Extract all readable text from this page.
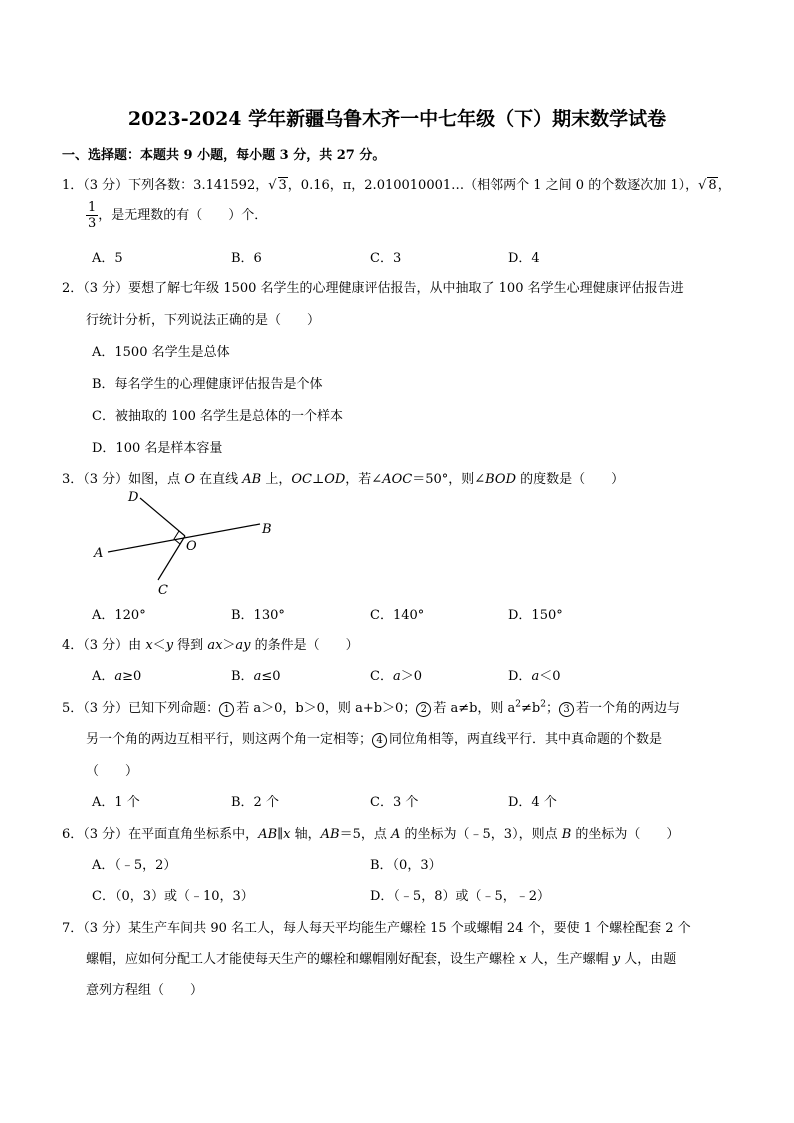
2023-2024 学年新疆乌鲁木齐一中七年级（下）期末数学试卷
一、选择题：本题共 9 小题，每小题 3 分，共 27 分。
1．（3 分）下列各数：3.141592，√ 3，0.16，π，2.010010001…（相邻两个 1 之间 0 的个数逐次加 1），√ 8，
$\frac{1}{3}$ ，是无理数的有（　　）个．
A．5	B．6	C．3	D．4
2．（3 分）要想了解七年级 1500 名学生的心理健康评估报告，从中抽取了 100 名学生心理健康评估报告进
行统计分析，下列说法正确的是（　　）
A．1500 名学生是总体
B．每名学生的心理健康评估报告是个体
C．被抽取的 100 名学生是总体的一个样本
D．100 名是样本容量
3．（3 分）如图，点 O 在直线 AB 上，OC⊥OD，若∠AOC＝50°，则∠BOD 的度数是（　　）
A
B
C
D
O
A．120°	B．130°	C．140°	D．150°
4．（3 分）由 x＜y 得到 ax＞ay 的条件是（　　）
A．a≥0	B．a≤0	C．a＞0	D．a＜0
5．（3 分）已知下列命题： 1 若 a＞0，b＞0，则 a+b＞0； 2 若 a≠b，则 $a^2\ne b^2$； 3 若一个角的两边与
另一个角的两边互相平行，则这两个角一定相等； 4 同位角相等，两直线平行．其中真命题的个数是
（　　）
A．1 个	B．2 个	C．3 个	D．4 个
6．（3 分）在平面直角坐标系中，AB∥x 轴，AB＝5，点 A 的坐标为（﹣5，3），则点 B 的坐标为（　　）
A．（﹣5，2）	B．（0，3）
C．（0，3）或（﹣10，3）	D．（﹣5，8）或（﹣5，﹣2）
7．（3 分）某生产车间共 90 名工人，每人每天平均能生产螺栓 15 个或螺帽 24 个，要使 1 个螺栓配套 2 个
螺帽，应如何分配工人才能使每天生产的螺栓和螺帽刚好配套，设生产螺栓 x 人，生产螺帽 y 人，由题
意列方程组（　　）
